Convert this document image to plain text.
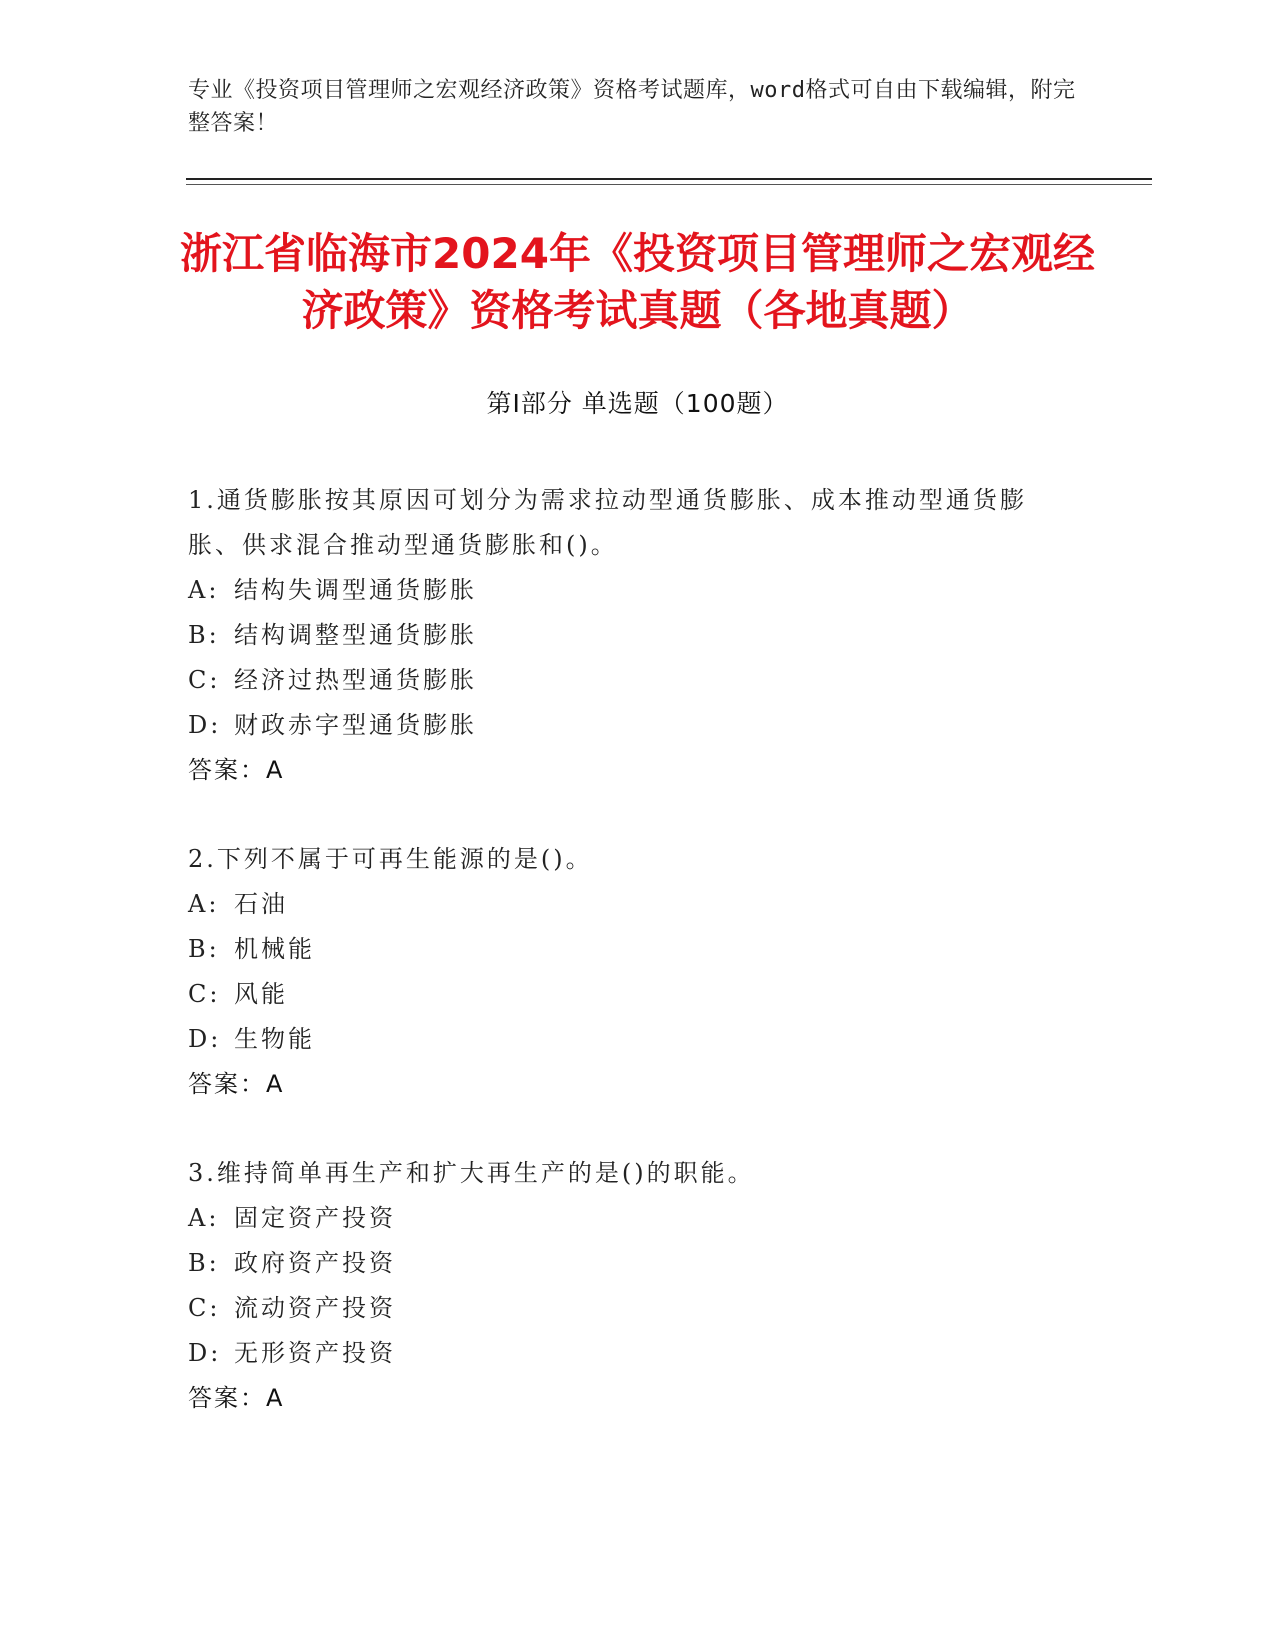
专业《投资项目管理师之宏观经济政策》资格考试题库，word格式可自由下载编辑，附完整答案！
浙江省临海市2024年《投资项目管理师之宏观经济政策》资格考试真题（各地真题）
第Ⅰ部分 单选题（100题）
1.通货膨胀按其原因可划分为需求拉动型通货膨胀、成本推动型通货膨胀、供求混合推动型通货膨胀和()。
A: 结构失调型通货膨胀
B: 结构调整型通货膨胀
C: 经济过热型通货膨胀
D: 财政赤字型通货膨胀
答案：A
2.下列不属于可再生能源的是()。
A: 石油
B: 机械能
C: 风能
D: 生物能
答案：A
3.维持简单再生产和扩大再生产的是()的职能。
A: 固定资产投资
B: 政府资产投资
C: 流动资产投资
D: 无形资产投资
答案：A
